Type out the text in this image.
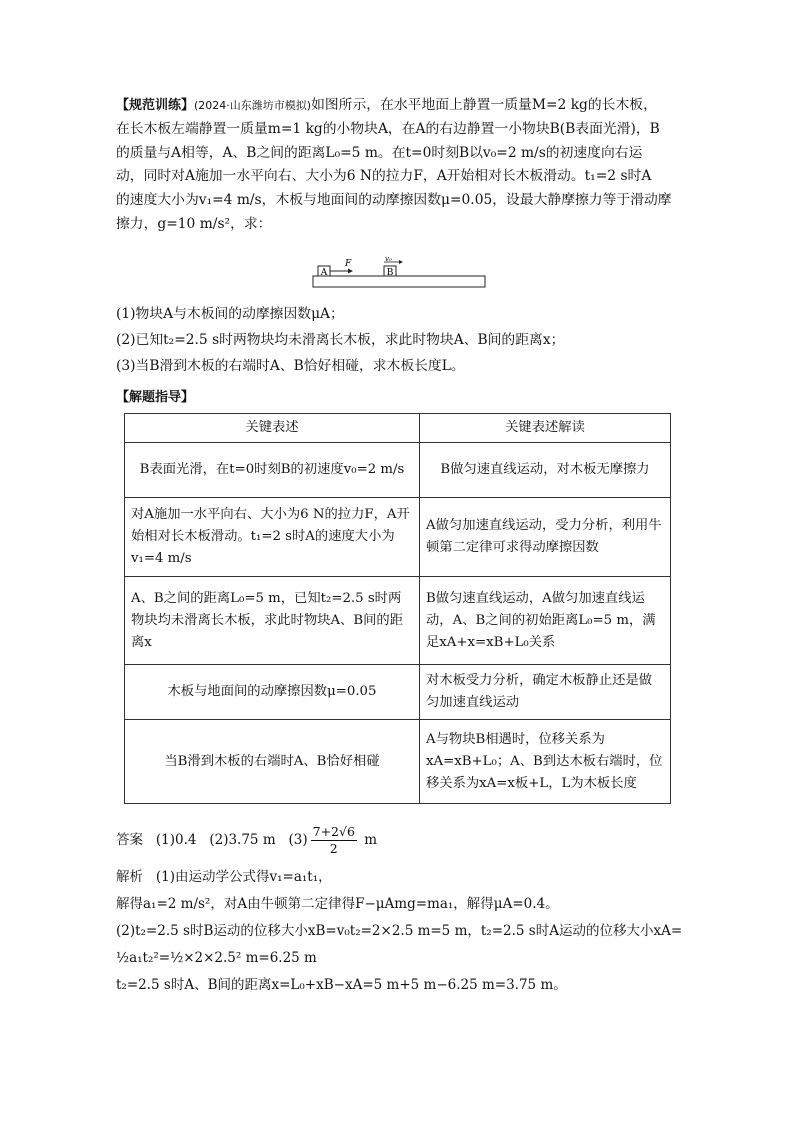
【规范训练】(2024·山东潍坊市模拟)如图所示，在水平地面上静置一质量M=2 kg的长木板，

在长木板左端静置一质量m=1 kg的小物块A，在A的右边静置一小物块B(B表面光滑)，B

的质量与A相等，A、B之间的距离L₀=5 m。在t=0时刻B以v₀=2 m/s的初速度向右运

动，同时对A施加一水平向右、大小为6 N的拉力F，A开始相对长木板滑动。t₁=2 s时A

的速度大小为v₁=4 m/s，木板与地面间的动摩擦因数μ=0.05，设最大静摩擦力等于滑动摩

擦力，g=10 m/s²，求：

A
F
B
v₀

(1)物块A与木板间的动摩擦因数μA；

(2)已知t₂=2.5 s时两物块均未滑离长木板，求此时物块A、B间的距离x；

(3)当B滑到木板的右端时A、B恰好相碰，求木板长度L。

【解题指导】
关键表述	关键表述解读
B表面光滑，在t=0时刻B的初速度v₀=2 m/s	B做匀速直线运动，对木板无摩擦力
对A施加一水平向右、大小为6 N的拉力F，A开始相对长木板滑动。t₁=2 s时A的速度大小为v₁=4 m/s	A做匀加速直线运动，受力分析，利用牛顿第二定律可求得动摩擦因数
A、B之间的距离L₀=5 m，已知t₂=2.5 s时两物块均未滑离长木板，求此时物块A、B间的距离x	B做匀速直线运动，A做匀加速直线运动，A、B之间的初始距离L₀=5 m，满足xA+x=xB+L₀关系
木板与地面间的动摩擦因数μ=0.05	对木板受力分析，确定木板静止还是做匀加速直线运动
当B滑到木板的右端时A、B恰好相碰	A与物块B相遇时，位移关系为xA=xB+L₀；A、B到达木板右端时，位移关系为xA=x板+L，L为木板长度
答案 (1)0.4 (2)3.75 m $(3) \frac{7+2√6}{2}$ m
解析 (1)由运动学公式得v₁=a₁t₁，
解得a₁=2 m/s²，对A由牛顿第二定律得F−μAmg=ma₁，解得μA=0.4。
(2)t₂=2.5 s时B运动的位移大小xB=v₀t₂=2×2.5 m=5 m，t₂=2.5 s时A运动的位移大小xA=
½a₁t₂²=½×2×2.5² m=6.25 m
t₂=2.5 s时A、B间的距离x=L₀+xB−xA=5 m+5 m−6.25 m=3.75 m。
